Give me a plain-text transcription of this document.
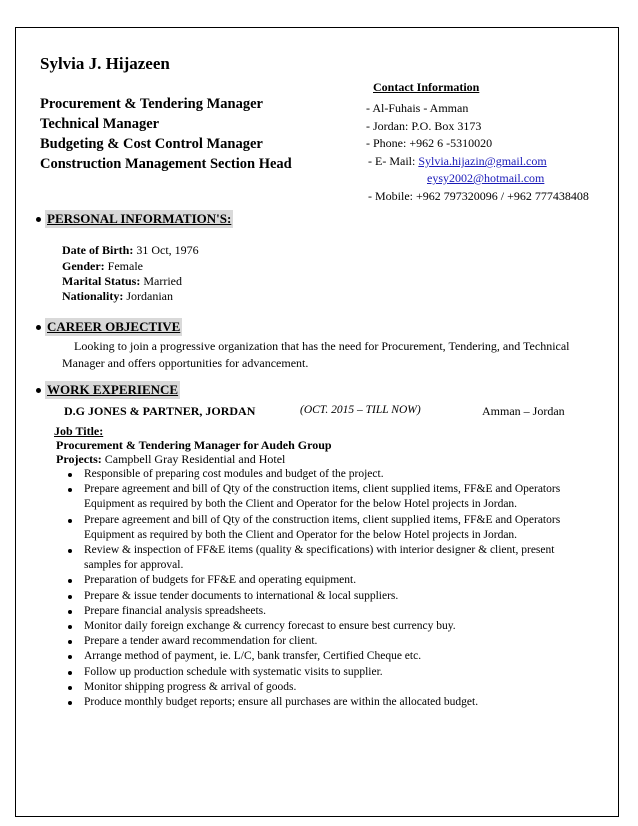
Sylvia J. Hijazeen
Procurement & Tendering Manager
Technical Manager
Budgeting & Cost Control Manager
Construction Management Section Head
Contact Information
- Al-Fuhais - Amman
- Jordan: P.O. Box 3173
- Phone: +962 6 -5310020
- E- Mail: Sylvia.hijazin@gmail.com
eysy2002@hotmail.com
- Mobile: +962 797320096 / +962 777438408
PERSONAL INFORMATION'S:
Date of Birth: 31 Oct, 1976
Gender: Female
Marital Status: Married
Nationality: Jordanian
CAREER OBJECTIVE
Looking to join a progressive organization that has the need for Procurement, Tendering, and Technical Manager and offers opportunities for advancement.
WORK EXPERIENCE
D.G JONES & PARTNER, JORDAN	(OCT. 2015 – TILL NOW)	Amman – Jordan
Job Title:
Procurement & Tendering Manager for Audeh Group
Projects: Campbell Gray Residential and Hotel
Responsible of preparing cost modules and budget of the project.
Prepare agreement and bill of Qty of the construction items, client supplied items, FF&E and Operators Equipment as required by both the Client and Operator for the below Hotel projects in Jordan.
Prepare agreement and bill of Qty of the construction items, client supplied items, FF&E and Operators Equipment as required by both the Client and Operator for the below Hotel projects in Jordan.
Review & inspection of FF&E items (quality & specifications) with interior designer & client, present samples for approval.
Preparation of budgets for FF&E and operating equipment.
Prepare & issue tender documents to international & local suppliers.
Prepare financial analysis spreadsheets.
Monitor daily foreign exchange & currency forecast to ensure best currency buy.
Prepare a tender award recommendation for client.
Arrange method of payment, ie. L/C, bank transfer, Certified Cheque etc.
Follow up production schedule with systematic visits to supplier.
Monitor shipping progress & arrival of goods.
Produce monthly budget reports; ensure all purchases are within the allocated budget.
